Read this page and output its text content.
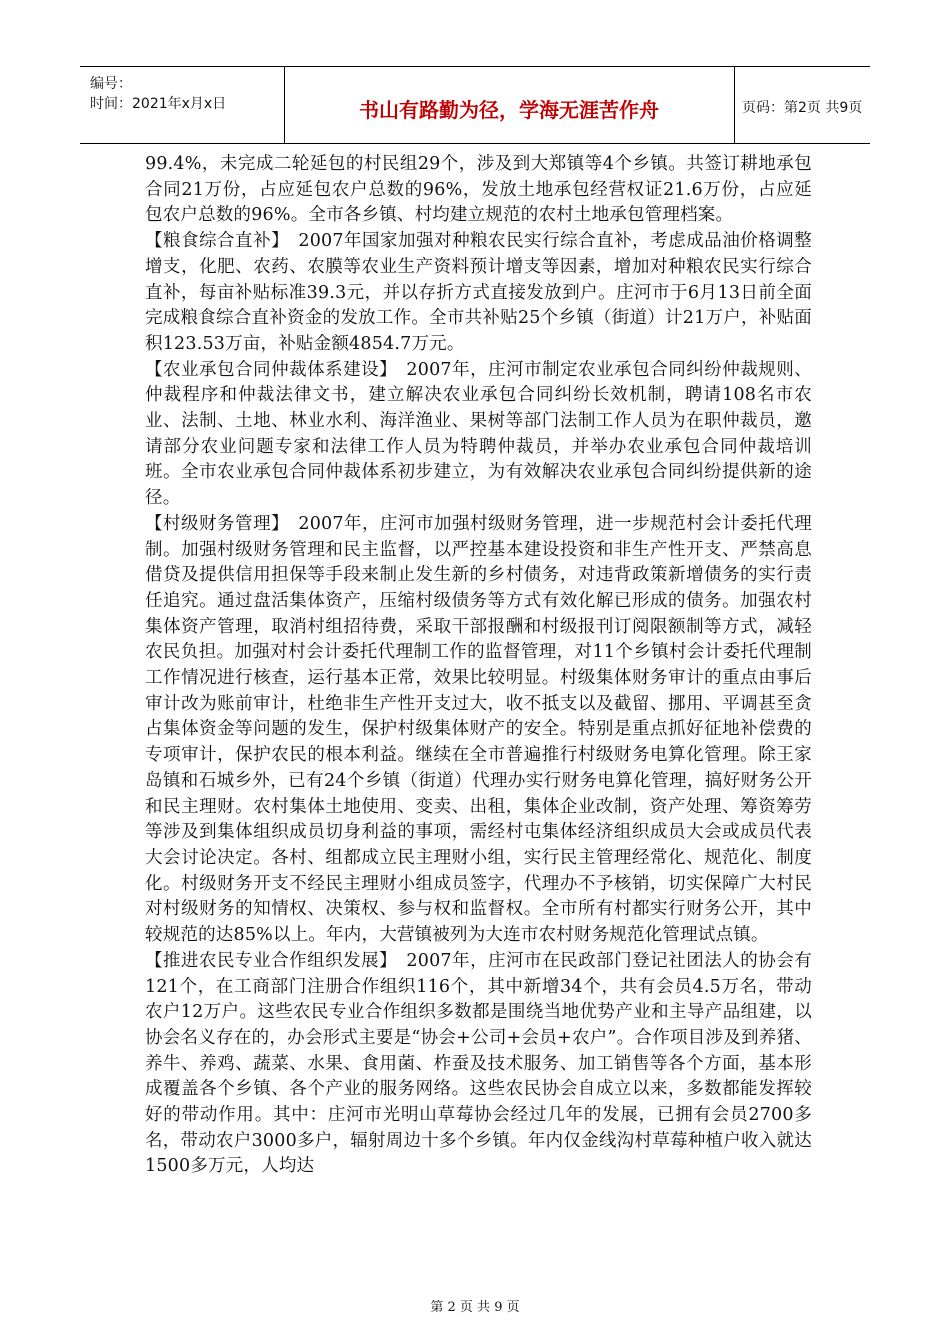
编号：
时间：2021年x月x日	书山有路勤为径，学海无涯苦作舟	页码：第2页 共9页

99.4%，未完成二轮延包的村民组29个，涉及到大郑镇等4个乡镇。共签订耕地承包合同21万份，占应延包农户总数的96%，发放土地承包经营权证21.6万份，占应延包农户总数的96%。全市各乡镇、村均建立规范的农村土地承包管理档案。

【粮食综合直补】　2007年国家加强对种粮农民实行综合直补，考虑成品油价格调整增支，化肥、农药、农膜等农业生产资料预计增支等因素，增加对种粮农民实行综合直补，每亩补贴标准39.3元，并以存折方式直接发放到户。庄河市于6月13日前全面完成粮食综合直补资金的发放工作。全市共补贴25个乡镇（街道）计21万户，补贴面积123.53万亩，补贴金额4854.7万元。

【农业承包合同仲裁体系建设】　2007年，庄河市制定农业承包合同纠纷仲裁规则、仲裁程序和仲裁法律文书，建立解决农业承包合同纠纷长效机制，聘请108名市农业、法制、土地、林业水利、海洋渔业、果树等部门法制工作人员为在职仲裁员，邀请部分农业问题专家和法律工作人员为特聘仲裁员，并举办农业承包合同仲裁培训班。全市农业承包合同仲裁体系初步建立，为有效解决农业承包合同纠纷提供新的途径。

【村级财务管理】　2007年，庄河市加强村级财务管理，进一步规范村会计委托代理制。加强村级财务管理和民主监督，以严控基本建设投资和非生产性开支、严禁高息借贷及提供信用担保等手段来制止发生新的乡村债务，对违背政策新增债务的实行责任追究。通过盘活集体资产，压缩村级债务等方式有效化解已形成的债务。加强农村集体资产管理，取消村组招待费，采取干部报酬和村级报刊订阅限额制等方式，减轻农民负担。加强对村会计委托代理制工作的监督管理，对11个乡镇村会计委托代理制工作情况进行核查，运行基本正常，效果比较明显。村级集体财务审计的重点由事后审计改为账前审计，杜绝非生产性开支过大，收不抵支以及截留、挪用、平调甚至贪占集体资金等问题的发生，保护村级集体财产的安全。特别是重点抓好征地补偿费的专项审计，保护农民的根本利益。继续在全市普遍推行村级财务电算化管理。除王家岛镇和石城乡外，已有24个乡镇（街道）代理办实行财务电算化管理，搞好财务公开和民主理财。农村集体土地使用、变卖、出租，集体企业改制，资产处理、筹资筹劳等涉及到集体组织成员切身利益的事项，需经村屯集体经济组织成员大会或成员代表大会讨论决定。各村、组都成立民主理财小组，实行民主管理经常化、规范化、制度化。村级财务开支不经民主理财小组成员签字，代理办不予核销，切实保障广大村民对村级财务的知情权、决策权、参与权和监督权。全市所有村都实行财务公开，其中较规范的达85%以上。年内，大营镇被列为大连市农村财务规范化管理试点镇。

【推进农民专业合作组织发展】　2007年，庄河市在民政部门登记社团法人的协会有121个，在工商部门注册合作组织116个，其中新增34个，共有会员4.5万名，带动农户12万户。这些农民专业合作组织多数都是围绕当地优势产业和主导产品组建，以协会名义存在的，办会形式主要是“协会+公司+会员+农户”。合作项目涉及到养猪、养牛、养鸡、蔬菜、水果、食用菌、柞蚕及技术服务、加工销售等各个方面，基本形成覆盖各个乡镇、各个产业的服务网络。这些农民协会自成立以来，多数都能发挥较好的带动作用。其中：庄河市光明山草莓协会经过几年的发展，已拥有会员2700多名，带动农户3000多户，辐射周边十多个乡镇。年内仅金线沟村草莓种植户收入就达1500多万元，人均达

第 2 页 共 9 页
